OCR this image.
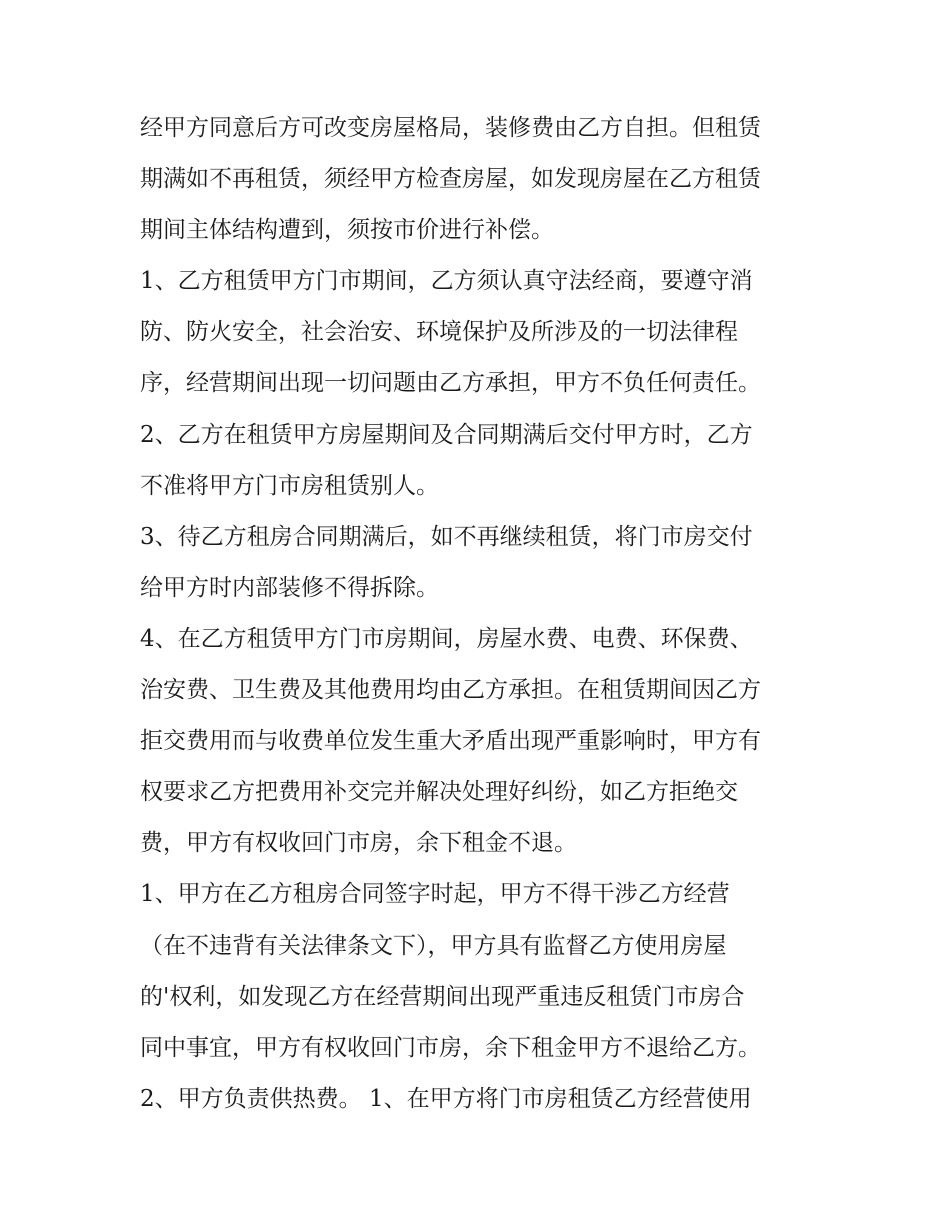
经甲方同意后方可改变房屋格局，装修费由乙方自担。但租赁
期满如不再租赁，须经甲方检查房屋，如发现房屋在乙方租赁
期间主体结构遭到，须按市价进行补偿。
1、乙方租赁甲方门市期间，乙方须认真守法经商，要遵守消
防、防火安全，社会治安、环境保护及所涉及的一切法律程
序，经营期间出现一切问题由乙方承担，甲方不负任何责任。
2、乙方在租赁甲方房屋期间及合同期满后交付甲方时，乙方
不准将甲方门市房租赁别人。
3、待乙方租房合同期满后，如不再继续租赁，将门市房交付
给甲方时内部装修不得拆除。
4、在乙方租赁甲方门市房期间，房屋水费、电费、环保费、
治安费、卫生费及其他费用均由乙方承担。在租赁期间因乙方
拒交费用而与收费单位发生重大矛盾出现严重影响时，甲方有
权要求乙方把费用补交完并解决处理好纠纷，如乙方拒绝交
费，甲方有权收回门市房，余下租金不退。
1、甲方在乙方租房合同签字时起，甲方不得干涉乙方经营
（在不违背有关法律条文下），甲方具有监督乙方使用房屋
的'权利，如发现乙方在经营期间出现严重违反租赁门市房合
同中事宜，甲方有权收回门市房，余下租金甲方不退给乙方。
2、甲方负责供热费。 1、在甲方将门市房租赁乙方经营使用
